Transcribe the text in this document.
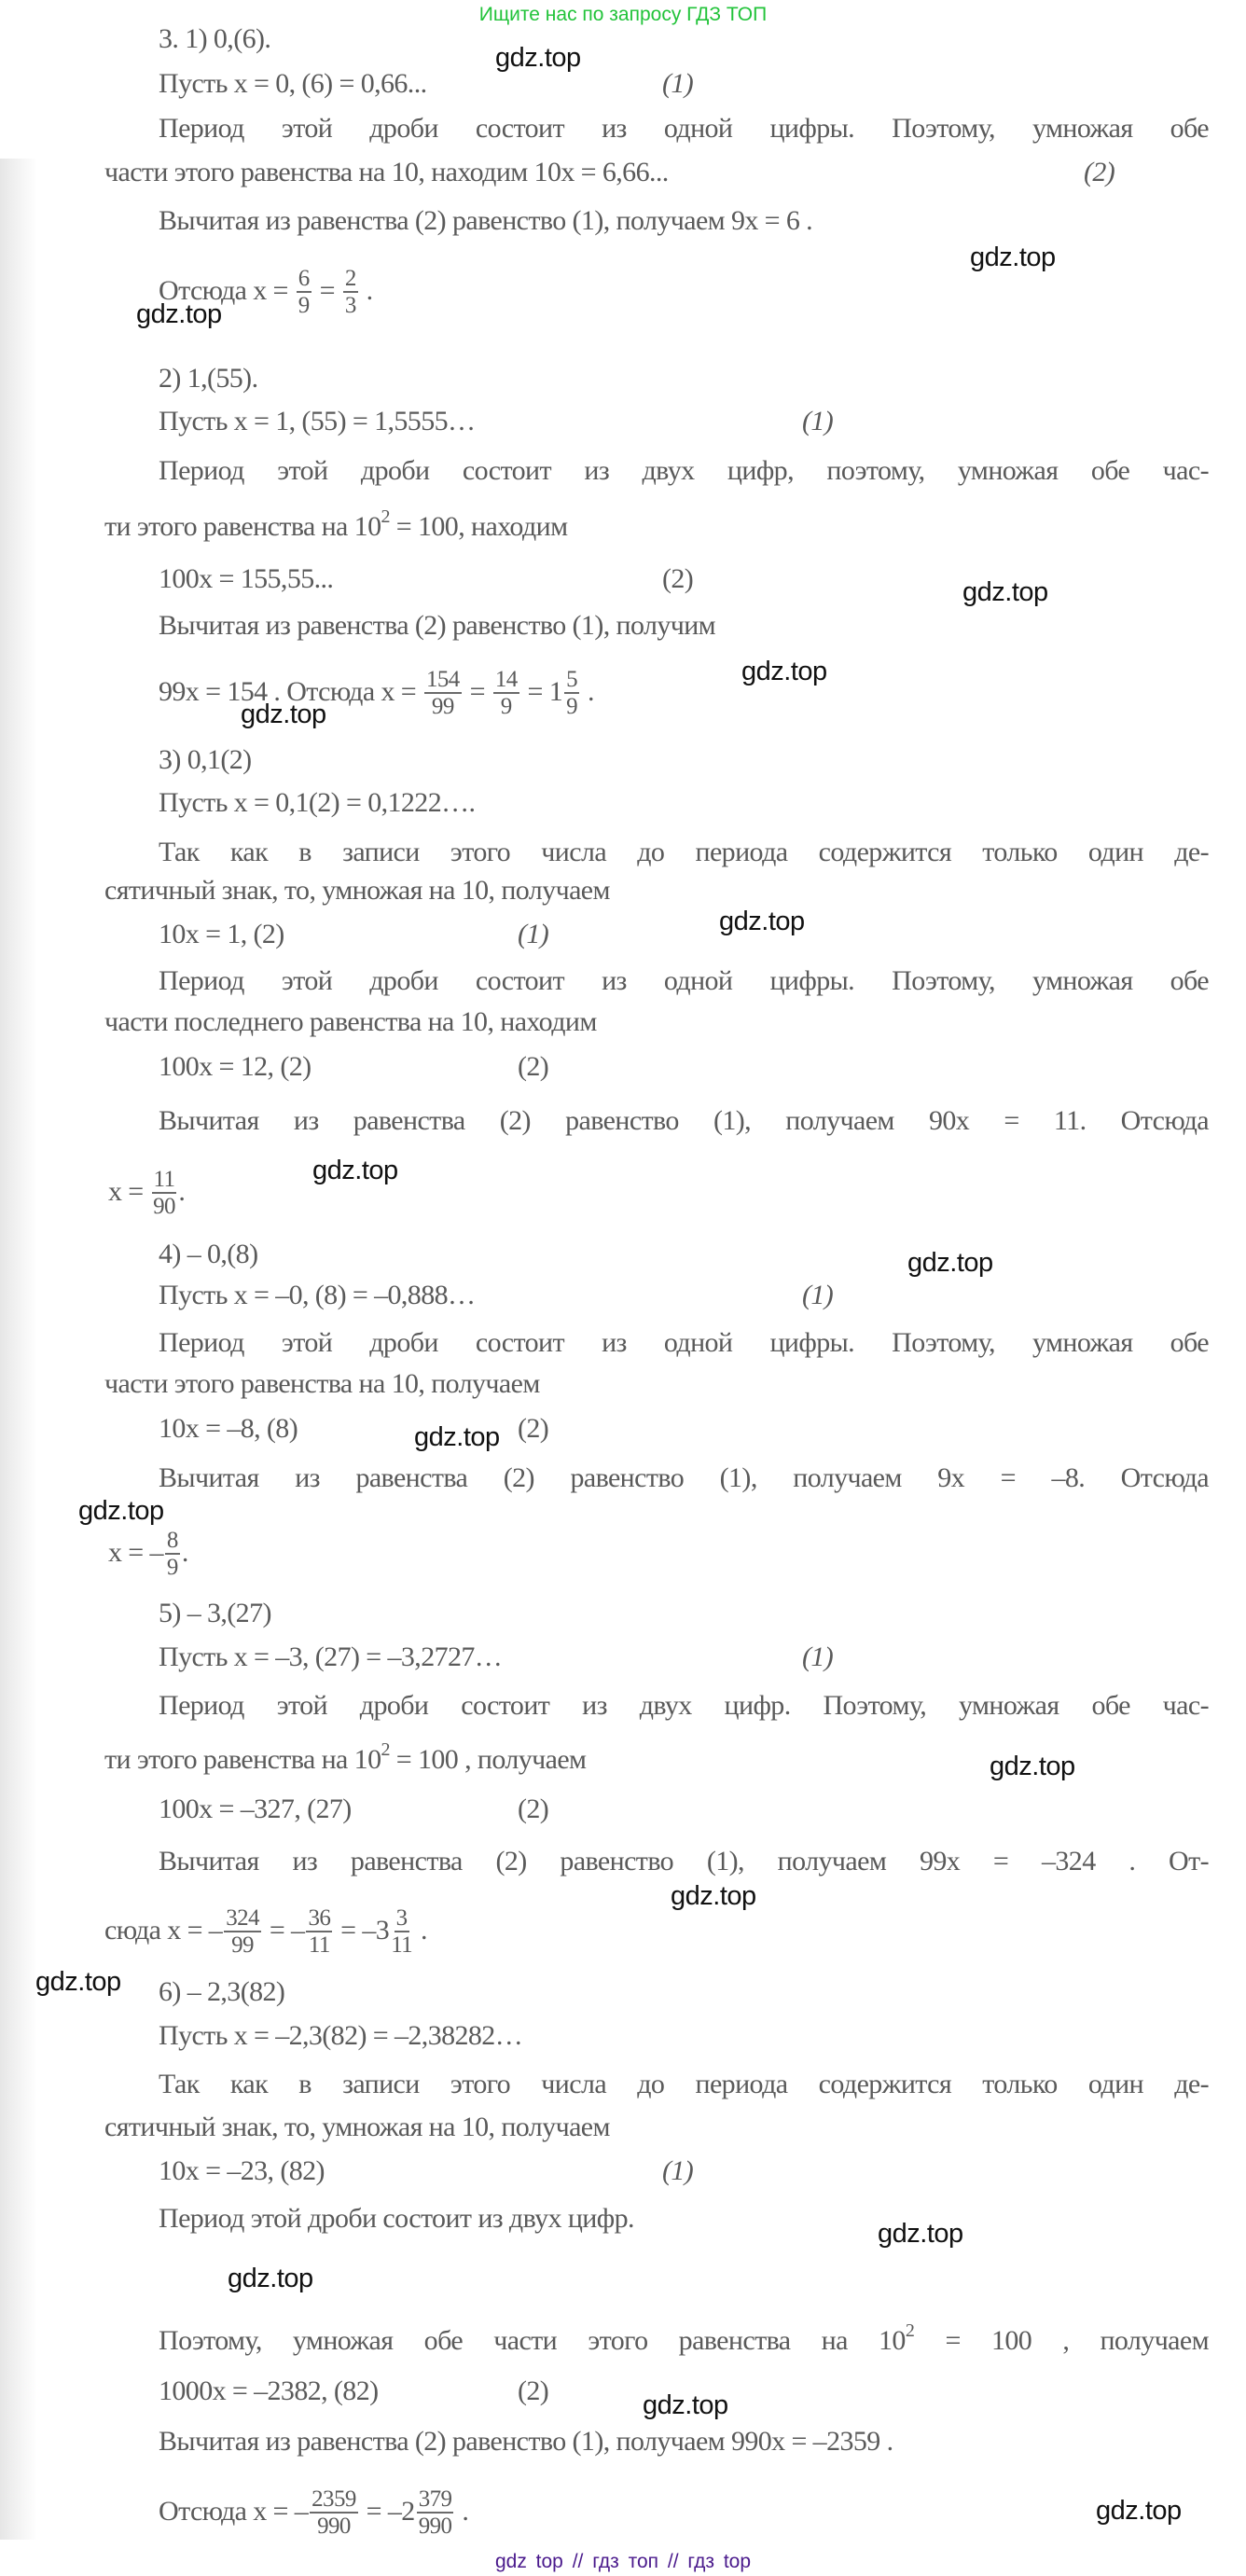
Ищите нас по запросу ГДЗ ТОП
3. 1) 0,(6).
Пусть x = 0, (6) = 0,66...	(1)
Период этой дроби состоит из одной цифры. Поэтому, умножая обе
части этого равенства на 10, находим 10x = 6,66...	(2)
Вычитая из равенства (2) равенство (1), получаем 9x = 6 .
Отсюда $x = \frac{6}{9} = \frac{2}{3}$ .
2) 1,(55).
Пусть x = 1, (55) = 1,5555…	(1)
Период этой дроби состоит из двух цифр, поэтому, умножая обе час-
ти этого равенства на $10^2 = 100$, находим
100x = 155,55...	(2)
Вычитая из равенства (2) равенство (1), получим
99x = 154 . Отсюда $x = \frac{154}{99} = \frac{14}{9} = 1 \frac{5}{9}$ .
3) 0,1(2)
Пусть x = 0,1(2) = 0,1222….
Так как в записи этого числа до периода содержится только один де-
сятичный знак, то, умножая на 10, получаем
10x = 1, (2)	(1)
Период этой дроби состоит из одной цифры. Поэтому, умножая обе
части последнего равенства на 10, находим
100x = 12, (2)	(2)
Вычитая из равенства (2) равенство (1), получаем 90x = 11. Отсюда
$x = \frac{11}{90}$ .
4) – 0,(8)
Пусть x = –0, (8) = –0,888…	(1)
Период этой дроби состоит из одной цифры. Поэтому, умножая обе
части этого равенства на 10, получаем
10x = –8, (8)	(2)
Вычитая из равенства (2) равенство (1), получаем 9x = –8. Отсюда
x = – $\frac{8}{9}$ .
5) – 3,(27)
Пусть x = –3, (27) = –3,2727…	(1)
Период этой дроби состоит из двух цифр. Поэтому, умножая обе час-
ти этого равенства на $10^2 = 100$ , получаем
100x = –327, (27)	(2)
Вычитая из равенства (2) равенство (1), получаем 99x = –324 . От-
сюда x = – $\frac{324}{99}$ = – $\frac{36}{11} = -3 \frac{3}{11}$ .
6) – 2,3(82)
Пусть x = –2,3(82) = –2,38282…
Так как в записи этого числа до периода содержится только один де-
сятичный знак, то, умножая на 10, получаем
10x = –23, (82)	(1)
Период этой дроби состоит из двух цифр.
Поэтому, умножая обе части этого равенства на $10^2 = 100$ , получаем
1000x = –2382, (82)	(2)
Вычитая из равенства (2) равенство (1), получаем 990x = –2359 .
Отсюда x = – $\frac{2359}{990} = -2 \frac{379}{990}$ .
gdz.top
gdz.top
gdz.top
gdz.top
gdz.top
gdz.top
gdz.top
gdz.top
gdz.top
gdz.top
gdz.top
gdz.top
gdz.top
gdz.top
gdz.top
gdz.top
gdz.top
gdz.top
gdz top // гдз топ // гдз top
